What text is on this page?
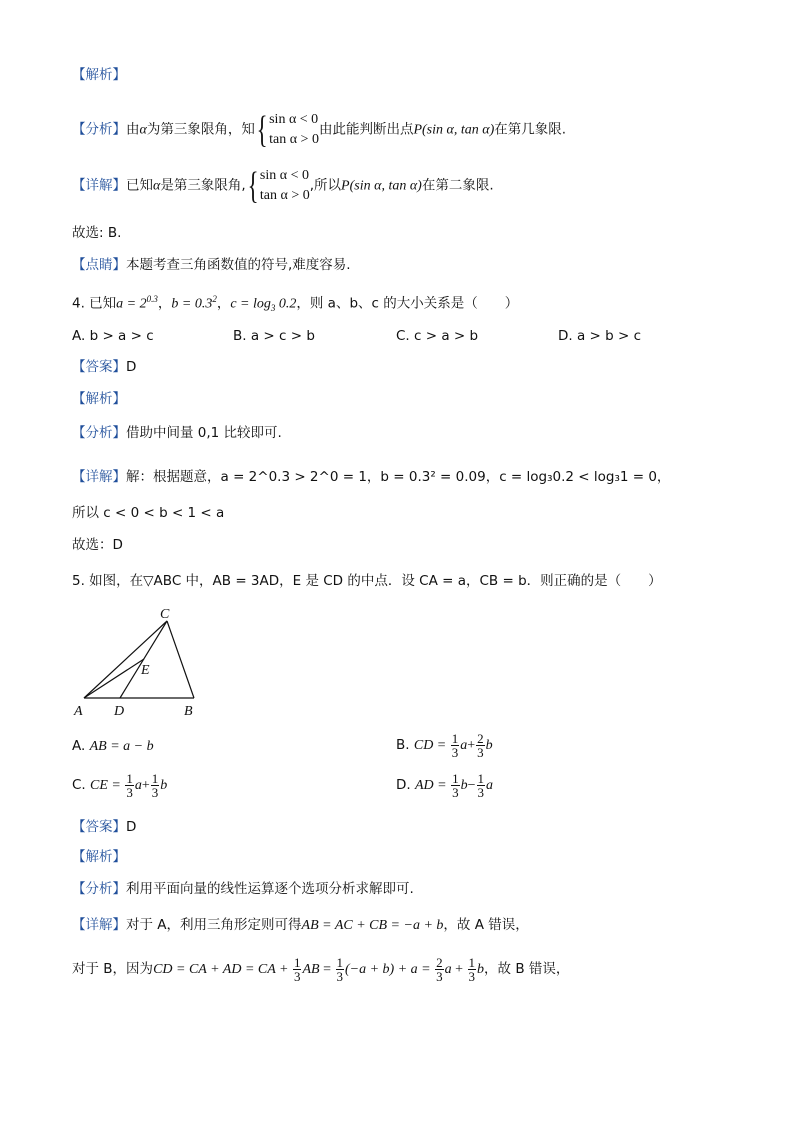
【解析】
【分析】由α为第三象限角，知{ sin α < 0
tan α > 0
由此能判断出点P(sin α, tan α)在第几象限.
【详解】已知α是第三象限角,{ sin α < 0
tan α > 0
,所以P(sin α, tan α)在第二象限.
故选: B.
【点睛】本题考查三角函数值的符号,难度容易.
4. 已知$a = 2^{0.3}$，$b = 0.3^2$，$c = \log_3 0.2$，则 a、b、c 的大小关系是（　　）
A. b > a > c	B. a > c > b	C. c > a > b	D. a > b > c
【答案】D
【解析】
【分析】借助中间量 0,1 比较即可.
【详解】解：根据题意，a = 2^0.3 > 2^0 = 1，b = 0.3² = 0.09，c = log₃0.2 < log₃1 = 0，
所以 c < 0 < b < 1 < a
故选：D
5. 如图，在▽ABC 中，AB = 3AD，E 是 CD 的中点．设 CA = a，CB = b．则正确的是（　　）
C
E
A D	B
A. AB = a − b	B. CD = $\frac{1}{3} a+ \frac{2}{3}$ b
C. CE = $\frac{1}{3} a+ \frac{1}{3}$ b	D. AD = $\frac{1}{3} b- \frac{1}{3}$ a
【答案】D
【解析】
【分析】利用平面向量的线性运算逐个选项分析求解即可.
【详解】对于 A，利用三角形定则可得AB = AC + CB = −a + b，故 A 错误，
对于 B，因为CD = CA + AD = CA + $\frac{1}{3}$ AB = $\frac{1}{3} (-a + b) + a = \frac{2}{3}$ $a + \frac{1}{3}$ b，故 B 错误，
